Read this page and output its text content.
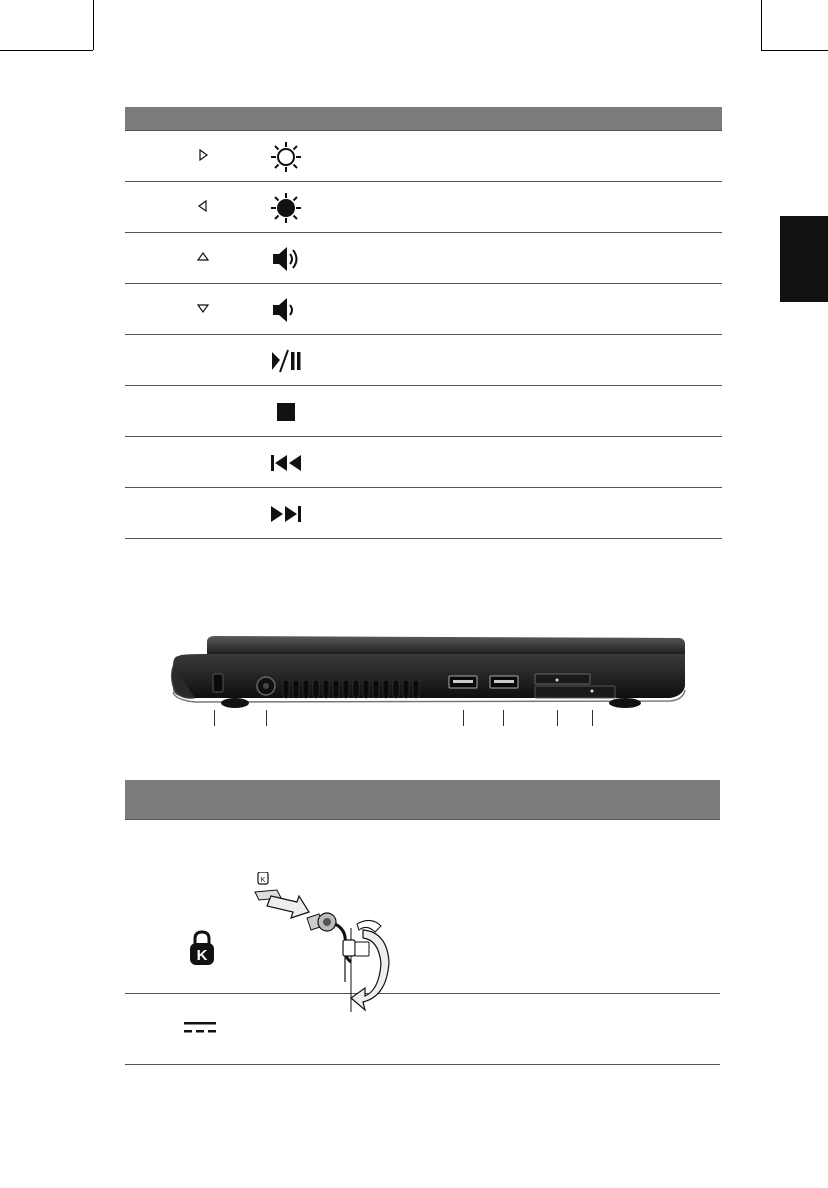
K
K
